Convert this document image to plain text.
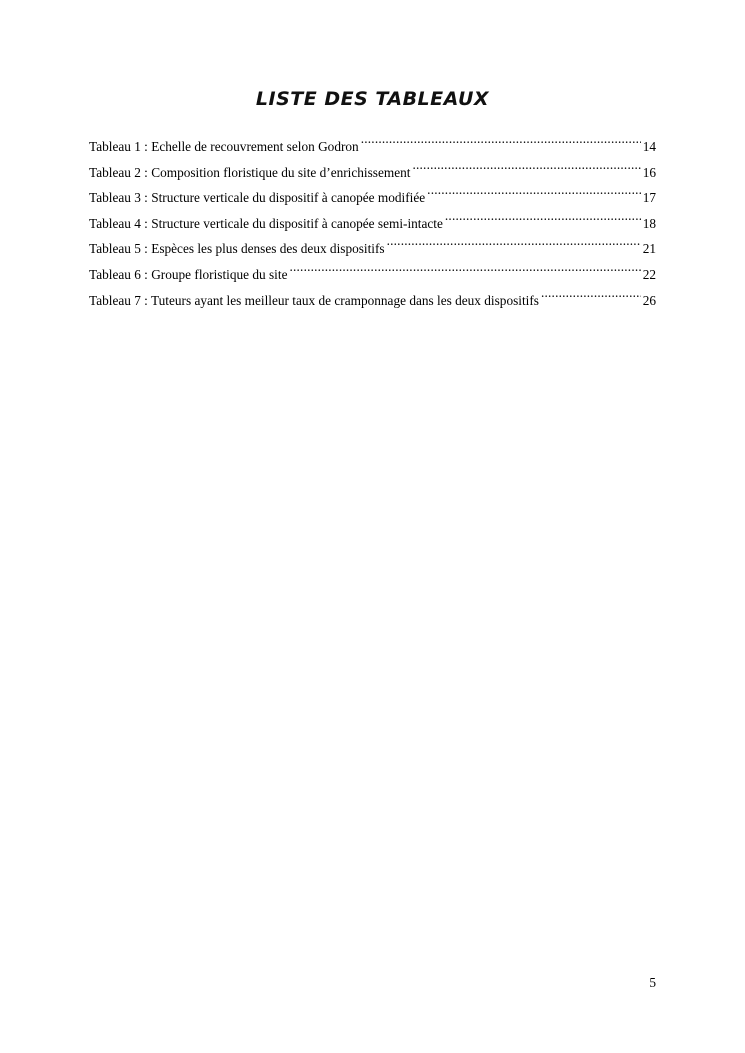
LISTE DES TABLEAUX
Tableau 1 : Echelle de recouvrement selon Godron .....	14
Tableau 2 : Composition floristique du site d’enrichissement .....	16
Tableau 3 : Structure verticale du dispositif à canopée modifiée .....	17
Tableau 4 : Structure verticale du dispositif à canopée semi-intacte .....	18
Tableau 5 : Espèces les plus denses des deux dispositifs .....	21
Tableau 6 : Groupe floristique du site .....	22
Tableau 7 : Tuteurs ayant les meilleur taux de cramponnage dans les deux dispositifs .....	26
5
